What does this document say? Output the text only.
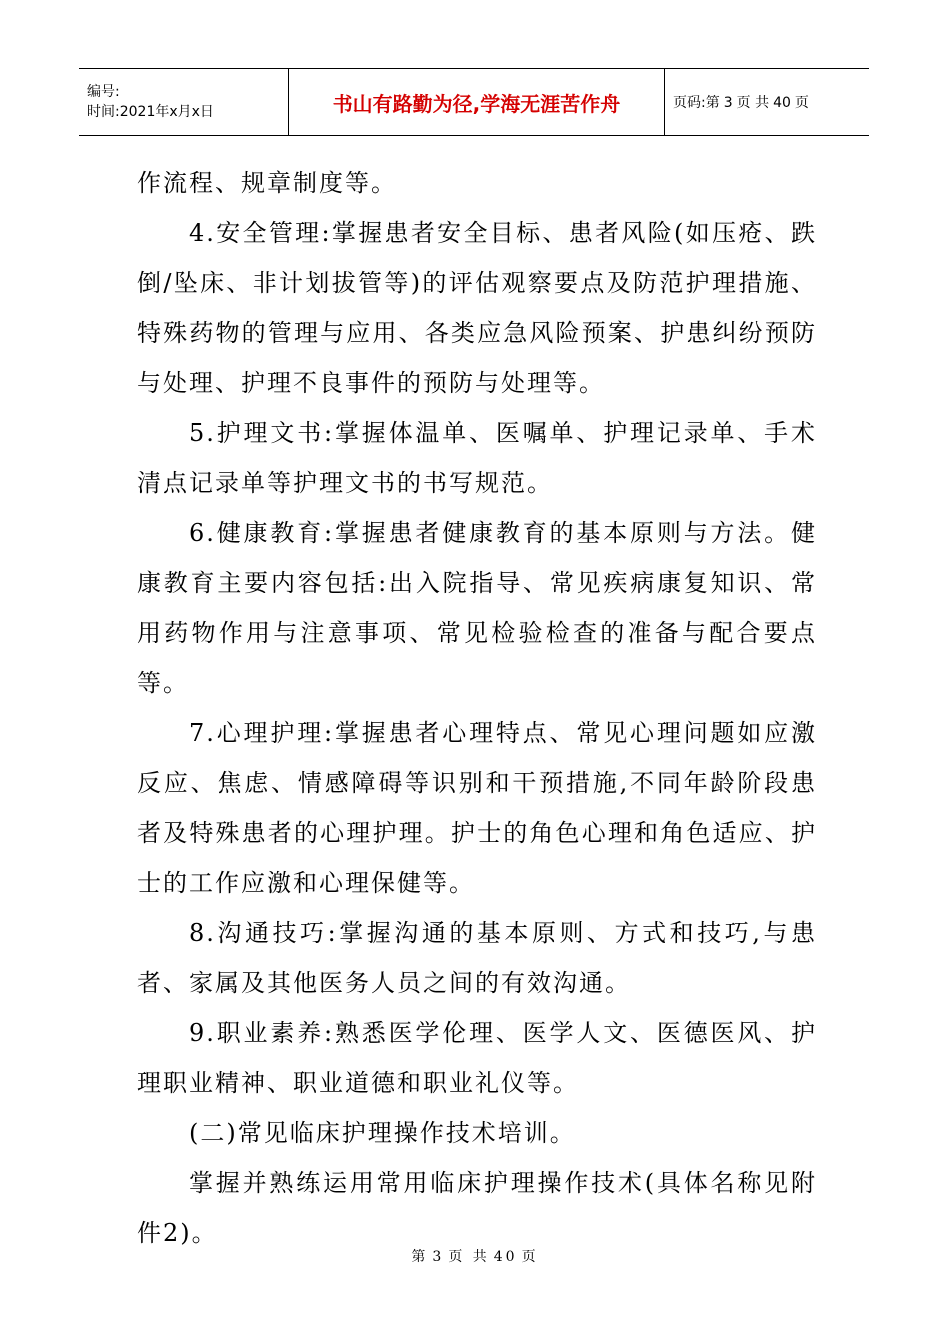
编号:
时间:2021年x月x日	书山有路勤为径,学海无涯苦作舟	页码:第 3 页 共 40 页

作流程、规章制度等。

4.安全管理:掌握患者安全目标、患者风险(如压疮、跌倒/坠床、非计划拔管等)的评估观察要点及防范护理措施、特殊药物的管理与应用、各类应急风险预案、护患纠纷预防与处理、护理不良事件的预防与处理等。

5.护理文书:掌握体温单、医嘱单、护理记录单、手术清点记录单等护理文书的书写规范。

6.健康教育:掌握患者健康教育的基本原则与方法。健康教育主要内容包括:出入院指导、常见疾病康复知识、常用药物作用与注意事项、常见检验检查的准备与配合要点等。

7.心理护理:掌握患者心理特点、常见心理问题如应激反应、焦虑、情感障碍等识别和干预措施,不同年龄阶段患者及特殊患者的心理护理。护士的角色心理和角色适应、护士的工作应激和心理保健等。

8.沟通技巧:掌握沟通的基本原则、方式和技巧,与患者、家属及其他医务人员之间的有效沟通。

9.职业素养:熟悉医学伦理、医学人文、医德医风、护理职业精神、职业道德和职业礼仪等。

(二)常见临床护理操作技术培训。

掌握并熟练运用常用临床护理操作技术(具体名称见附件2)。

第 3 页 共 40 页
